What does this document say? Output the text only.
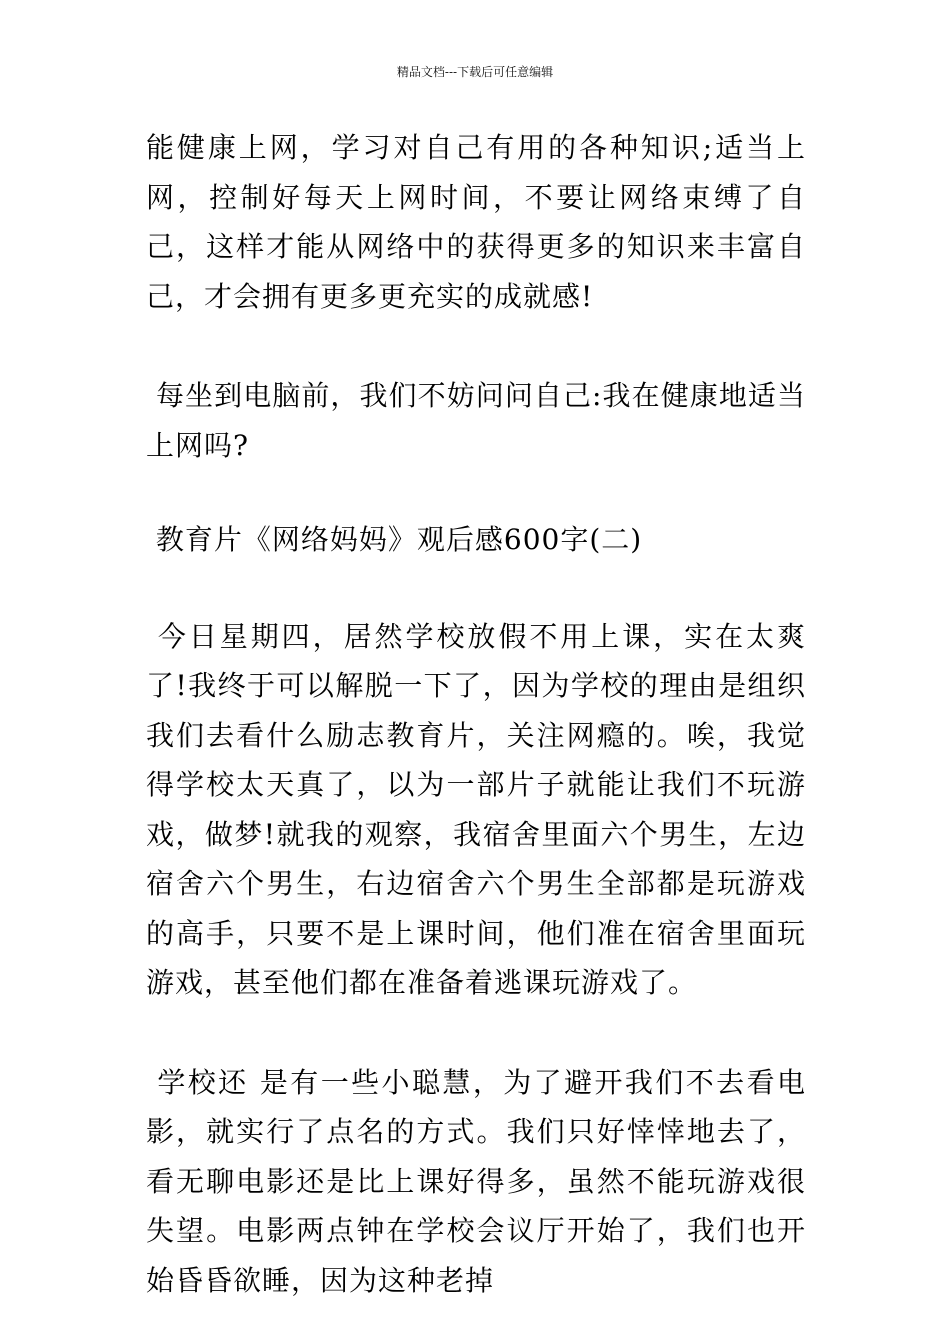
精品文档---下载后可任意编辑

能健康上网，学习对自己有用的各种知识;适当上网，控制好每天上网时间，不要让网络束缚了自己，这样才能从网络中的获得更多的知识来丰富自己，才会拥有更多更充实的成就感!

每坐到电脑前，我们不妨问问自己:我在健康地适当上网吗?

教育片《网络妈妈》观后感600字(二)

今日星期四，居然学校放假不用上课，实在太爽了!我终于可以解脱一下了，因为学校的理由是组织我们去看什么励志教育片，关注网瘾的。唉，我觉得学校太天真了，以为一部片子就能让我们不玩游戏，做梦!就我的观察，我宿舍里面六个男生，左边宿舍六个男生，右边宿舍六个男生全部都是玩游戏的高手，只要不是上课时间，他们准在宿舍里面玩游戏，甚至他们都在准备着逃课玩游戏了。

学校还 是有一些小聪慧，为了避开我们不去看电影，就实行了点名的方式。我们只好悻悻地去了，看无聊电影还是比上课好得多，虽然不能玩游戏很失望。电影两点钟在学校会议厅开始了，我们也开始昏昏欲睡，因为这种老掉
